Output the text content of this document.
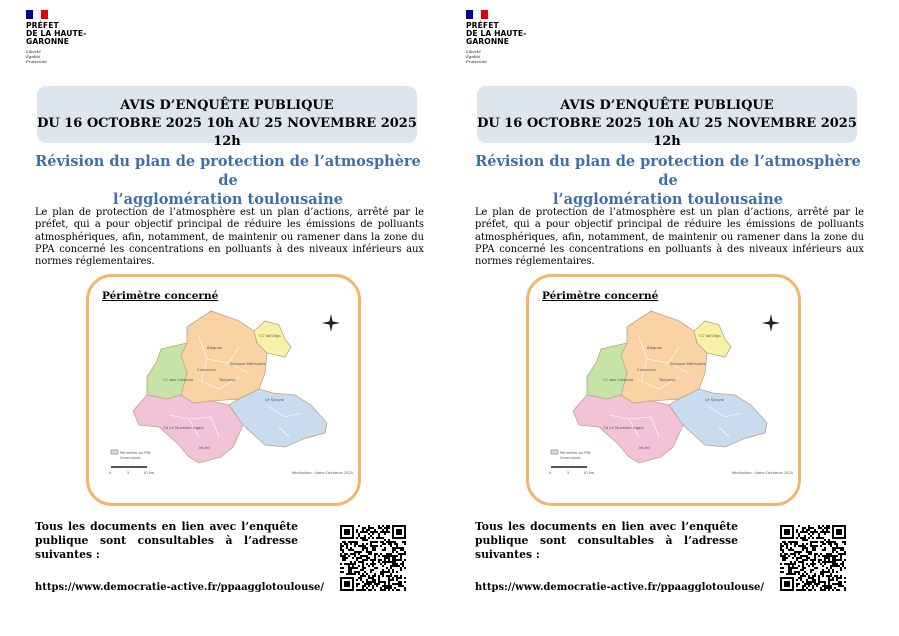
PRÉFET
DE LA HAUTE-
GARONNE
Liberté
Égalité
Fraternité
AVIS D’ENQUÊTE PUBLIQUE
DU 16 OCTOBRE 2025 10h AU 25 NOVEMBRE 2025 12h
Révision du plan de protection de l’atmosphère de
l’agglomération toulousaine
Le plan de protection de l’atmosphère est un plan d’actions, arrêté par le préfet, qui a pour objectif principal de réduire les émissions de polluants atmosphériques, afin, notamment, de maintenir ou ramener dans la zone du PPA concerné les concentrations en polluants à des niveaux inférieurs aux normes réglementaires.
CC Val'Aïgo
Blagnac
Toulouse Métropole
Colomiers
Toulouse
Le Sicoval
CA Le Muretain Agglo
Muret
CC des Coteaux
Périmètre du PPA
Communes
0	5	10 km	Réalisation : Atmo Occitanie 2025
Périmètre concerné
Tous les documents en lien avec l’enquête publique sont consultables à l’adresse suivantes :
https://www.democratie-active.fr/ppaagglotoulouse/
PRÉFET
DE LA HAUTE-
GARONNE
Liberté
Égalité
Fraternité
AVIS D’ENQUÊTE PUBLIQUE
DU 16 OCTOBRE 2025 10h AU 25 NOVEMBRE 2025 12h
Révision du plan de protection de l’atmosphère de
l’agglomération toulousaine
Le plan de protection de l’atmosphère est un plan d’actions, arrêté par le préfet, qui a pour objectif principal de réduire les émissions de polluants atmosphériques, afin, notamment, de maintenir ou ramener dans la zone du PPA concerné les concentrations en polluants à des niveaux inférieurs aux normes réglementaires.
CC Val'Aïgo
Blagnac
Toulouse Métropole
Colomiers
Toulouse
Le Sicoval
CA Le Muretain Agglo
Muret
CC des Coteaux
Périmètre du PPA
Communes
0	5	10 km	Réalisation : Atmo Occitanie 2025
Périmètre concerné
Tous les documents en lien avec l’enquête publique sont consultables à l’adresse suivantes :
https://www.democratie-active.fr/ppaagglotoulouse/
